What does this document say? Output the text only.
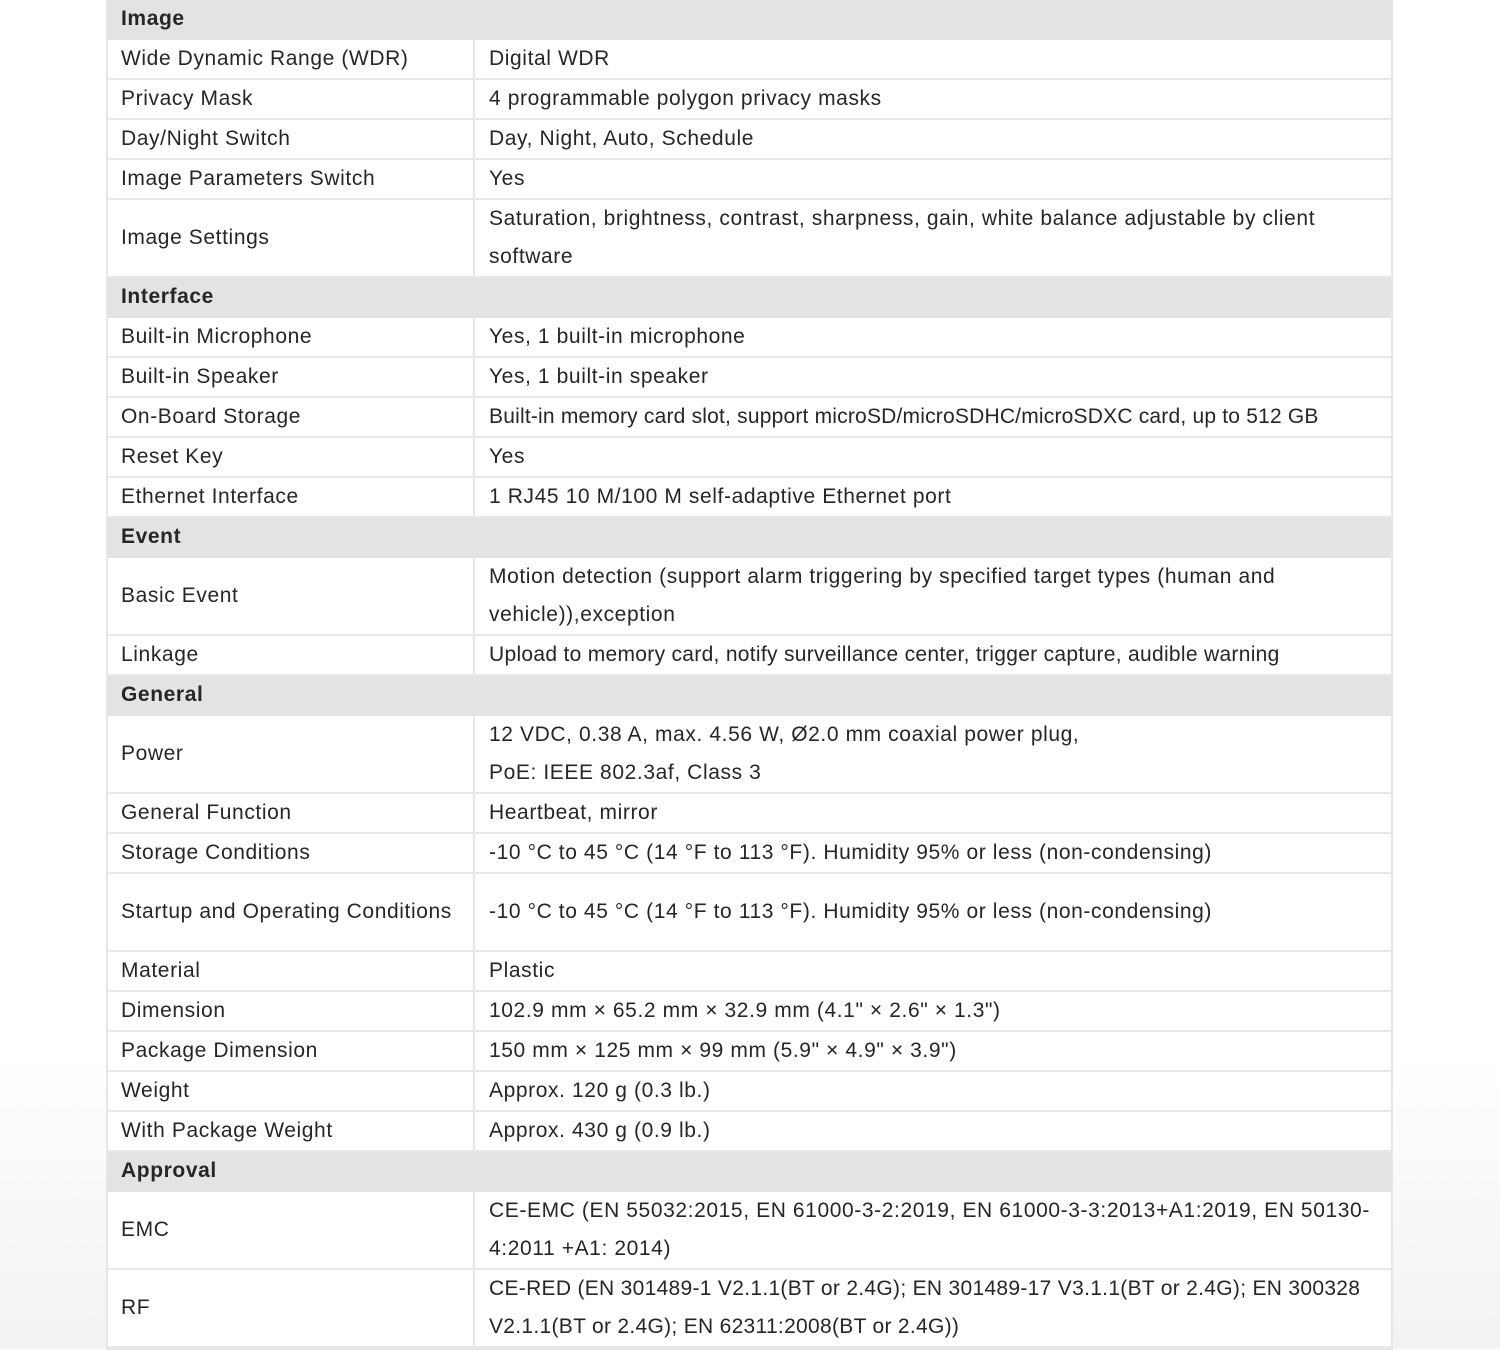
Image	
Wide Dynamic Range (WDR)	Digital WDR
Privacy Mask	4 programmable polygon privacy masks
Day/Night Switch	Day, Night, Auto, Schedule
Image Parameters Switch	Yes
Image Settings	Saturation, brightness, contrast, sharpness, gain, white balance adjustable by client software
Interface	
Built-in Microphone	Yes, 1 built-in microphone
Built-in Speaker	Yes, 1 built-in speaker
On-Board Storage	Built-in memory card slot, support microSD/microSDHC/microSDXC card, up to 512 GB
Reset Key	Yes
Ethernet Interface	1 RJ45 10 M/100 M self-adaptive Ethernet port
Event	
Basic Event	Motion detection (support alarm triggering by specified target types (human and vehicle)),exception
Linkage	Upload to memory card, notify surveillance center, trigger capture, audible warning
General	
Power	12 VDC, 0.38 A, max. 4.56 W, Ø2.0 mm coaxial power plug,
PoE: IEEE 802.3af, Class 3

General Function	Heartbeat, mirror
Storage Conditions	-10 °C to 45 °C (14 °F to 113 °F). Humidity 95% or less (non-condensing)
Startup and Operating Conditions	-10 °C to 45 °C (14 °F to 113 °F). Humidity 95% or less (non-condensing)
Material	Plastic
Dimension	102.9 mm × 65.2 mm × 32.9 mm (4.1" × 2.6" × 1.3")
Package Dimension	150 mm × 125 mm × 99 mm (5.9" × 4.9" × 3.9")
Weight	Approx. 120 g (0.3 lb.)
With Package Weight	Approx. 430 g (0.9 lb.)
Approval	
EMC	CE-EMC (EN 55032:2015, EN 61000-3-2:2019, EN 61000-3-3:2013+A1:2019, EN 50130-4:2011 +A1: 2014)
RF	CE-RED (EN 301489-1 V2.1.1(BT or 2.4G); EN 301489-17 V3.1.1(BT or 2.4G); EN 300328 V2.1.1(BT or 2.4G); EN 62311:2008(BT or 2.4G))
